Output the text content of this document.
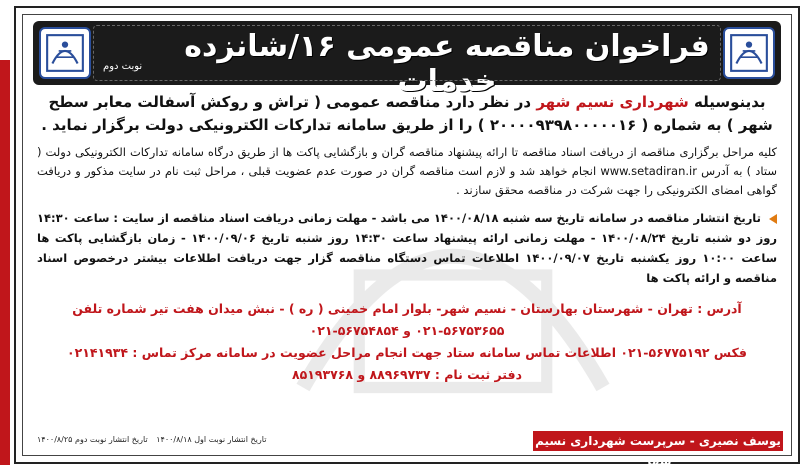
فراخوان مناقصه عمومی ۱۶/شانزده خدمات
نوبت دوم

بدینوسیله شهرداری نسیم شهر در نظر دارد مناقصه عمومی ( تراش و روکش آسفالت معابر سطح شهر ) به شماره ( ۲۰۰۰۰۹۳۹۸۰۰۰۰۰۱۶ ) را از طریق سامانه تدارکات الکترونیکی دولت برگزار نماید .

کلیه مراحل برگزاری مناقصه از دریافت اسناد مناقصه تا ارائه پیشنهاد مناقصه گران و بازگشایی پاکت ها از طریق درگاه سامانه تدارکات الکترونیکی دولت ( ستاد ) به آدرس www.setadiran.ir انجام خواهد شد و لازم است مناقصه گران در صورت عدم عضویت قبلی ، مراحل ثبت نام در سایت مذکور و دریافت گواهی امضای الکترونیکی را جهت شرکت در مناقصه محقق سازند .

تاریخ انتشار مناقصه در سامانه تاریخ سه شنبه ۱۴۰۰/۰۸/۱۸ می باشد - مهلت زمانی دریافت اسناد مناقصه از سایت : ساعت ۱۴:۳۰ روز دو شنبه تاریخ ۱۴۰۰/۰۸/۲۴ - مهلت زمانی ارائه پیشنهاد ساعت ۱۴:۳۰ روز شنبه تاریخ ۱۴۰۰/۰۹/۰۶ - زمان بازگشایی پاکت ها ساعت ۱۰:۰۰ روز یکشنبه تاریخ ۱۴۰۰/۰۹/۰۷ اطلاعات تماس دستگاه مناقصه گزار جهت دریافت اطلاعات بیشتر درخصوص اسناد مناقصه و ارائه پاکت ها

آدرس : تهران - شهرستان بهارستان - نسیم شهر- بلوار امام خمینی ( ره ) - نبش میدان هفت تیر شماره تلفن ۵۶۷۵۳۶۵۵-۰۲۱ و ۵۶۷۵۴۸۵۴-۰۲۱
فکس ۵۶۷۷۵۱۹۲-۰۲۱ اطلاعات تماس سامانه ستاد جهت انجام مراحل عضویت در سامانه مرکز تماس : ۰۲۱۴۱۹۳۴
دفتر ثبت نام : ۸۸۹۶۹۷۳۷ و ۸۵۱۹۳۷۶۸
یوسف نصیری - سرپرست شهرداری نسیم شهر
تاریخ انتشار نوبت اول ۱۴۰۰/۸/۱۸ تاریخ انتشار نوبت دوم ۱۴۰۰/۸/۲۵
